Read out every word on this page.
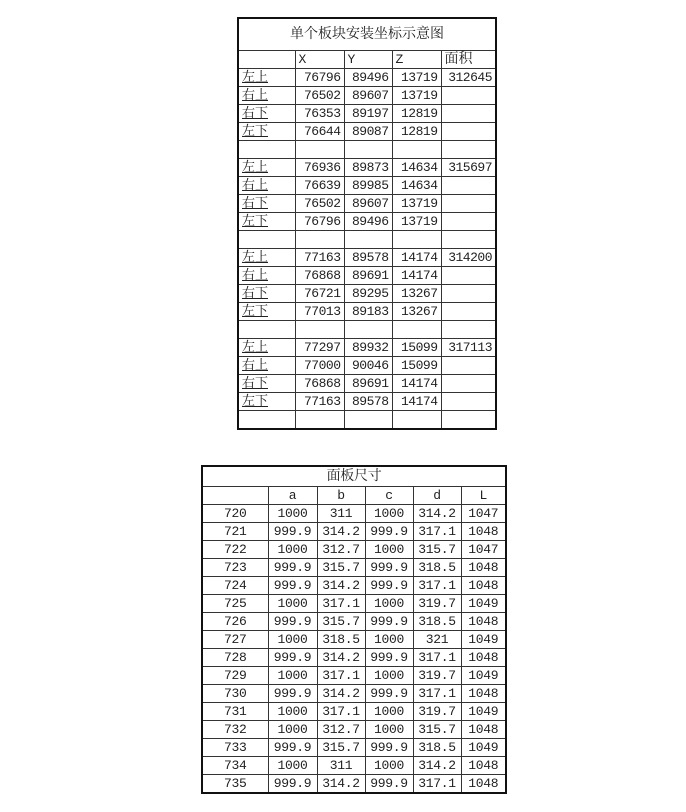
单个板块安装坐标示意图				
	X	Y	Z	面积
左上	76796	89496	13719	312645
右上	76502	89607	13719	
右下	76353	89197	12819	
左下	76644	89087	12819	

左上	76936	89873	14634	315697
右上	76639	89985	14634	
右下	76502	89607	13719	
左下	76796	89496	13719	

左上	77163	89578	14174	314200
右上	76868	89691	14174	
右下	76721	89295	13267	
左下	77013	89183	13267	

左上	77297	89932	15099	317113
右上	77000	90046	15099	
右下	76868	89691	14174	
左下	77163	89578	14174	

面板尺寸					
	a	b	c	d	L
720	1000	311	1000	314.2	1047
721	999.9	314.2	999.9	317.1	1048
722	1000	312.7	1000	315.7	1047
723	999.9	315.7	999.9	318.5	1048
724	999.9	314.2	999.9	317.1	1048
725	1000	317.1	1000	319.7	1049
726	999.9	315.7	999.9	318.5	1048
727	1000	318.5	1000	321	1049
728	999.9	314.2	999.9	317.1	1048
729	1000	317.1	1000	319.7	1049
730	999.9	314.2	999.9	317.1	1048
731	1000	317.1	1000	319.7	1049
732	1000	312.7	1000	315.7	1048
733	999.9	315.7	999.9	318.5	1049
734	1000	311	1000	314.2	1048
735	999.9	314.2	999.9	317.1	1048
